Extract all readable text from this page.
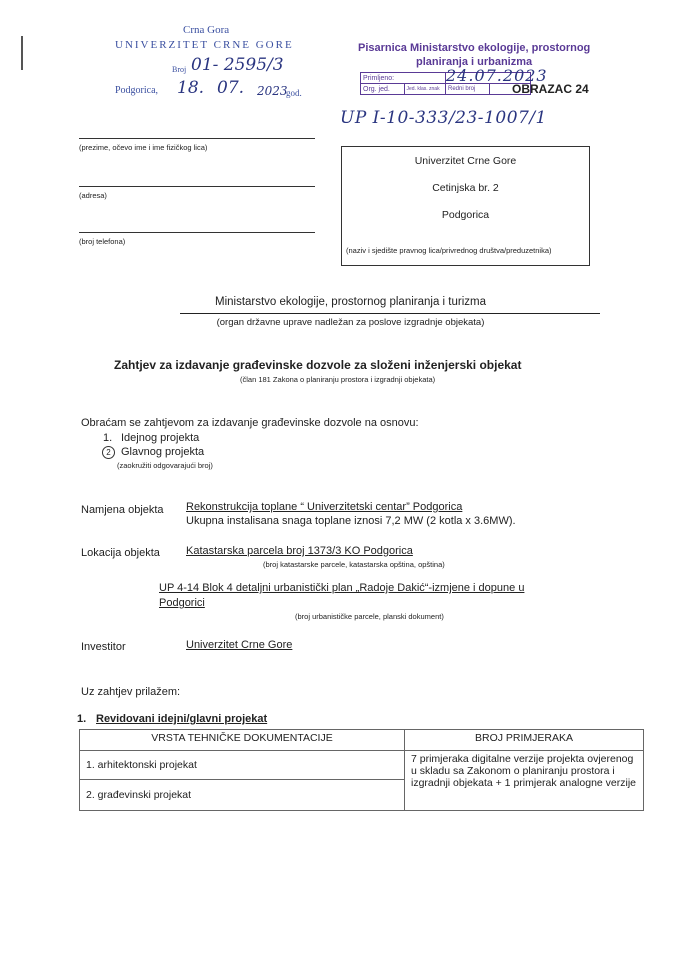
Crna Gora
UNIVERZITET CRNE GORE
Broj 01- 2595/3
Podgorica, 18. 07. 2023
god.
Pisarnica Ministarstvo ekologije, prostornog
planiranja i urbanizma
Primljeno:			
Org. jed.	Jed. klas. znak	Redni broj	
24.07.2023
OBRAZAC 24
UP I-10-333/23-1007/1
(prezime, očevo ime i ime fizičkog lica)
(adresa)
(broj telefona)
Univerzitet Crne Gore
Cetinjska br. 2
Podgorica
(naziv i sjedište pravnog lica/privrednog društva/preduzetnika)
Ministarstvo ekologije, prostornog planiranja i turizma
(organ državne uprave nadležan za poslove izgradnje objekata)
Zahtjev za izdavanje građevinske dozvole za složeni inženjerski objekat
(član 181 Zakona o planiranju prostora i izgradnji objekata)
Obraćam se zahtjevom za izdavanje građevinske dozvole na osnovu:
1. Idejnog projekta
2 Glavnog projekta
(zaokružiti odgovarajući broj)
Namjena objekta Rekonstrukcija toplane “ Univerzitetski centar” Podgorica
Ukupna instalisana snaga toplane iznosi 7,2 MW (2 kotla x 3.6MW).
Lokacija objekta Katastarska parcela broj 1373/3 KO Podgorica
(broj katastarske parcele, katastarska opština, opština)
UP 4-14 Blok 4 detaljni urbanistički plan „Radoje Dakić“-izmjene i dopune u
Podgorici
(broj urbanističke parcele, planski dokument)
Investitor	Univerzitet Crne Gore
Uz zahtjev prilažem:
1. Revidovani idejni/glavni projekat
VRSTA TEHNIČKE DOKUMENTACIJE	BROJ PRIMJERAKA
1. arhitektonski projekat	7 primjeraka digitalne verzije projekta ovjerenog u skladu sa Zakonom o planiranju prostora i izgradnji objekata + 1 primjerak analogne verzije
2. građevinski projekat	
